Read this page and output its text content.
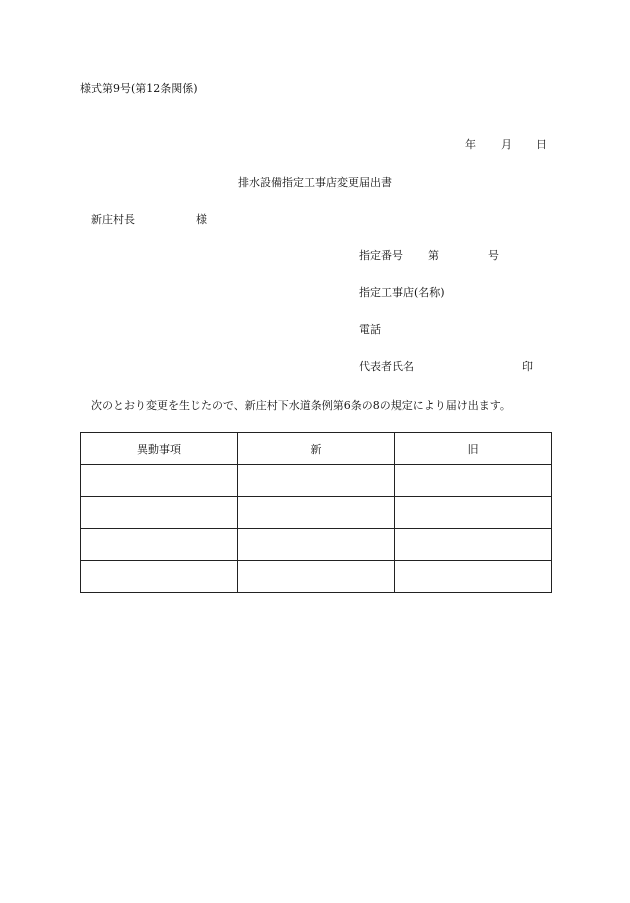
様式第9号(第12条関係)
年 月 日
排水設備指定工事店変更届出書
新庄村長	様
指定番号 第	号
指定工事店(名称)
電話
代表者氏名	印
次のとおり変更を生じたので、新庄村下水道条例第6条の8の規定により届け出ます。
異動事項	新	旧
